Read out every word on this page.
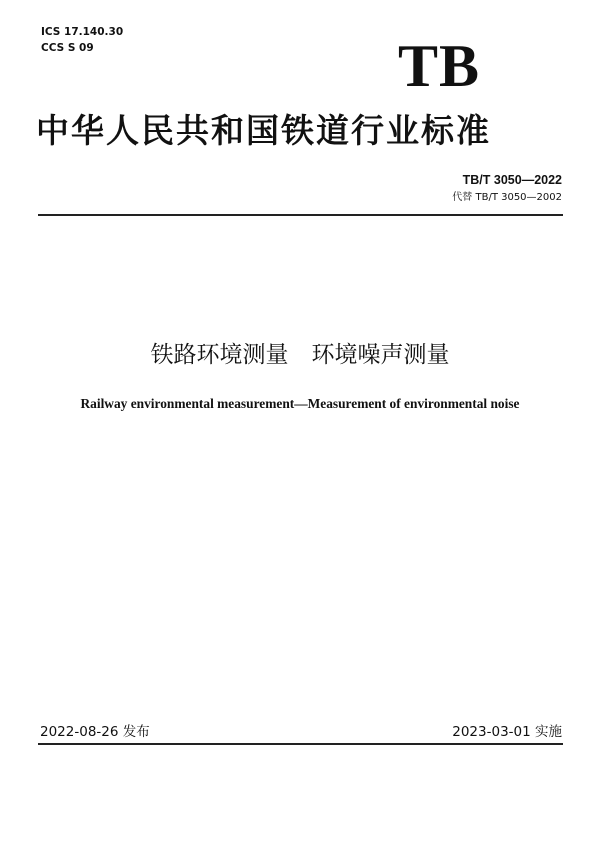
ICS 17.140.30
CCS S 09	TB
中华人民共和国铁道行业标准
TB/T 3050—2022
代替 TB/T 3050—2002
铁路环境测量　环境噪声测量
Railway environmental measurement—Measurement of environmental noise
2022-08-26 发布	2023-03-01 实施
